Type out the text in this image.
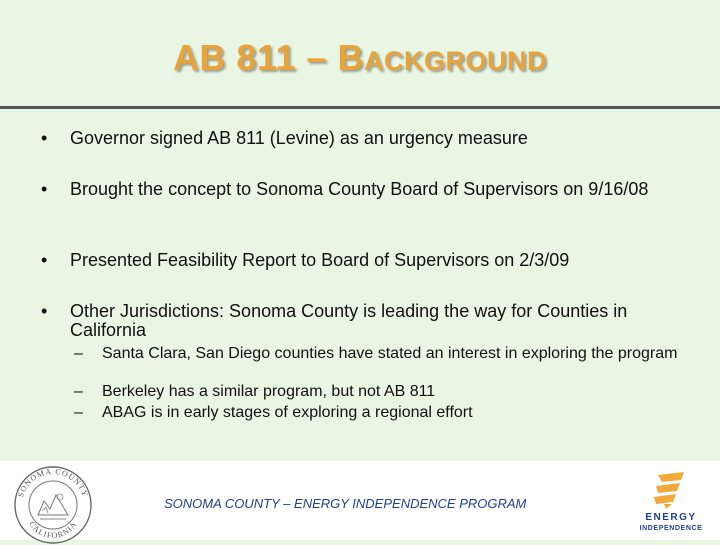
AB 811 – BACKGROUND
• Governor signed AB 811 (Levine) as an urgency measure
• Brought the concept to Sonoma County Board of Supervisors on 9/16/08
• Presented Feasibility Report to Board of Supervisors on 2/3/09
• Other Jurisdictions: Sonoma County is leading the way for Counties in California
– Santa Clara, San Diego counties have stated an interest in exploring the program
– Berkeley has a similar program, but not AB 811
– ABAG is in early stages of exploring a regional effort
SONOMA COUNTY
CALIFORNIA
SONOMA COUNTY – ENERGY INDEPENDENCE PROGRAM
ENERGY
INDEPENDENCE
